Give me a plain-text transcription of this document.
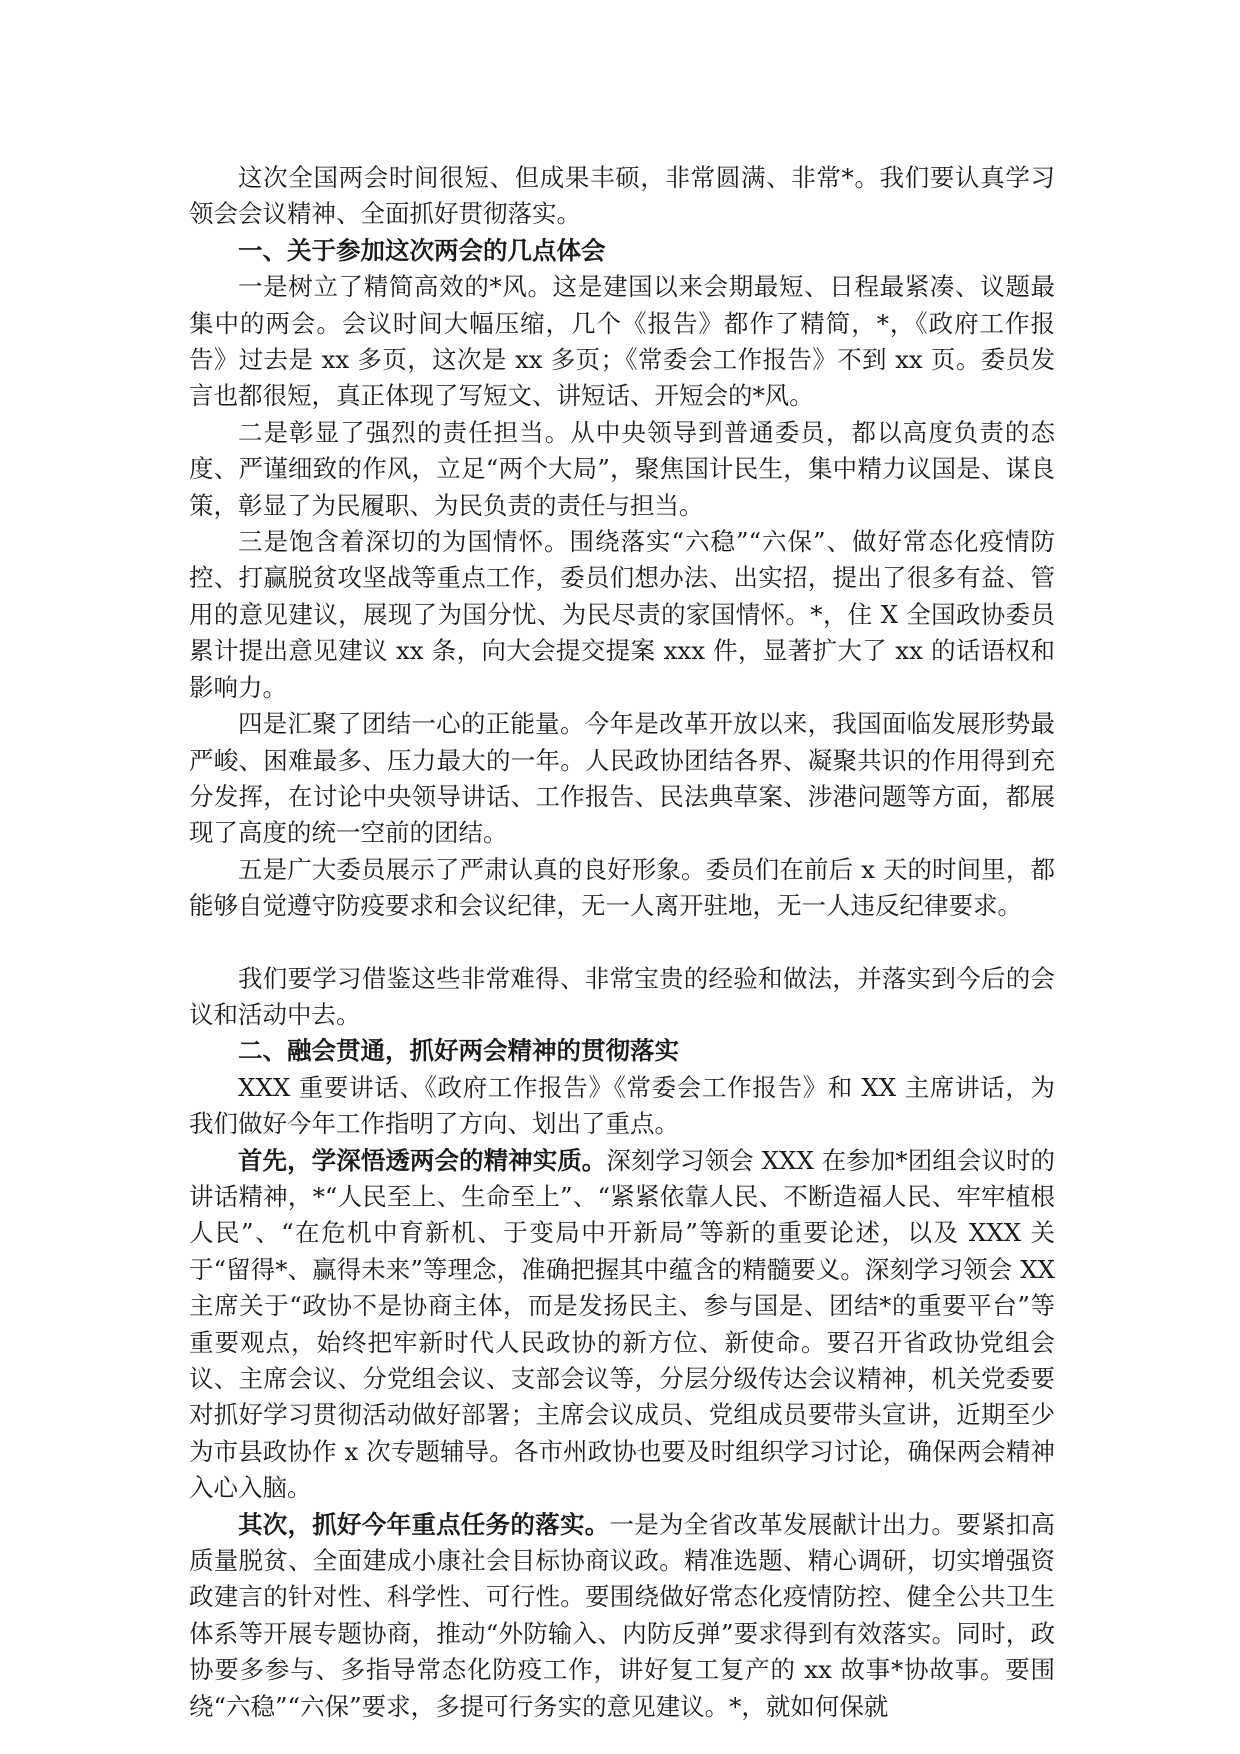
这次全国两会时间很短、但成果丰硕，非常圆满、非常*。我们要认真学习领会会议精神、全面抓好贯彻落实。

一、关于参加这次两会的几点体会

一是树立了精简高效的*风。这是建国以来会期最短、日程最紧凑、议题最集中的两会。会议时间大幅压缩，几个《报告》都作了精简，*，《政府工作报告》过去是 xx 多页，这次是 xx 多页；《常委会工作报告》不到 xx 页。委员发言也都很短，真正体现了写短文、讲短话、开短会的*风。

二是彰显了强烈的责任担当。从中央领导到普通委员，都以高度负责的态度、严谨细致的作风，立足“两个大局”，聚焦国计民生，集中精力议国是、谋良策，彰显了为民履职、为民负责的责任与担当。

三是饱含着深切的为国情怀。围绕落实“六稳”“六保”、做好常态化疫情防控、打赢脱贫攻坚战等重点工作，委员们想办法、出实招，提出了很多有益、管用的意见建议，展现了为国分忧、为民尽责的家国情怀。*，住 X 全国政协委员累计提出意见建议 xx 条，向大会提交提案 xxx 件，显著扩大了 xx 的话语权和影响力。

四是汇聚了团结一心的正能量。今年是改革开放以来，我国面临发展形势最严峻、困难最多、压力最大的一年。人民政协团结各界、凝聚共识的作用得到充分发挥，在讨论中央领导讲话、工作报告、民法典草案、涉港问题等方面，都展现了高度的统一空前的团结。

五是广大委员展示了严肃认真的良好形象。委员们在前后 x 天的时间里，都能够自觉遵守防疫要求和会议纪律，无一人离开驻地，无一人违反纪律要求。

我们要学习借鉴这些非常难得、非常宝贵的经验和做法，并落实到今后的会议和活动中去。

二、融会贯通，抓好两会精神的贯彻落实

XXX 重要讲话、《政府工作报告》《常委会工作报告》和 XX 主席讲话，为我们做好今年工作指明了方向、划出了重点。

首先，学深悟透两会的精神实质。深刻学习领会 XXX 在参加*团组会议时的讲话精神，*“人民至上、生命至上”、“紧紧依靠人民、不断造福人民、牢牢植根人民”、“在危机中育新机、于变局中开新局”等新的重要论述，以及 XXX 关于“留得*、赢得未来”等理念，准确把握其中蕴含的精髓要义。深刻学习领会 XX 主席关于“政协不是协商主体，而是发扬民主、参与国是、团结*的重要平台”等重要观点，始终把牢新时代人民政协的新方位、新使命。要召开省政协党组会议、主席会议、分党组会议、支部会议等，分层分级传达会议精神，机关党委要对抓好学习贯彻活动做好部署；主席会议成员、党组成员要带头宣讲，近期至少为市县政协作 x 次专题辅导。各市州政协也要及时组织学习讨论，确保两会精神入心入脑。

其次，抓好今年重点任务的落实。一是为全省改革发展献计出力。要紧扣高质量脱贫、全面建成小康社会目标协商议政。精准选题、精心调研，切实增强资政建言的针对性、科学性、可行性。要围绕做好常态化疫情防控、健全公共卫生体系等开展专题协商，推动“外防输入、内防反弹”要求得到有效落实。同时，政协要多参与、多指导常态化防疫工作，讲好复工复产的 xx 故事*协故事。要围绕“六稳”“六保”要求，多提可行务实的意见建议。*，就如何保就
